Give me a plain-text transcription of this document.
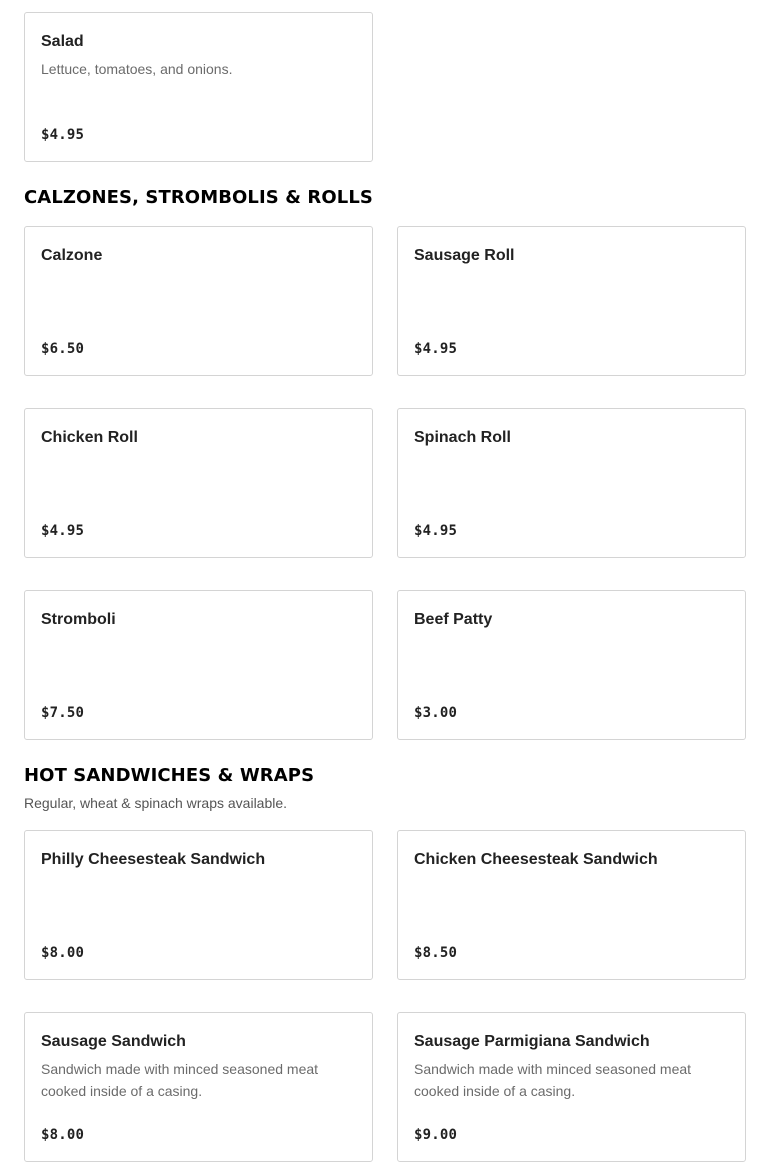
Salad
Lettuce, tomatoes, and onions.
$4.95
CALZONES, STROMBOLIS & ROLLS
Calzone
$6.50
Sausage Roll
$4.95
Chicken Roll
$4.95
Spinach Roll
$4.95
Stromboli
$7.50
Beef Patty
$3.00
HOT SANDWICHES & WRAPS
Regular, wheat & spinach wraps available.
Philly Cheesesteak Sandwich
$8.00
Chicken Cheesesteak Sandwich
$8.50
Sausage Sandwich
Sandwich made with minced seasoned meat cooked inside of a casing.
$8.00
Sausage Parmigiana Sandwich
Sandwich made with minced seasoned meat cooked inside of a casing.
$9.00
